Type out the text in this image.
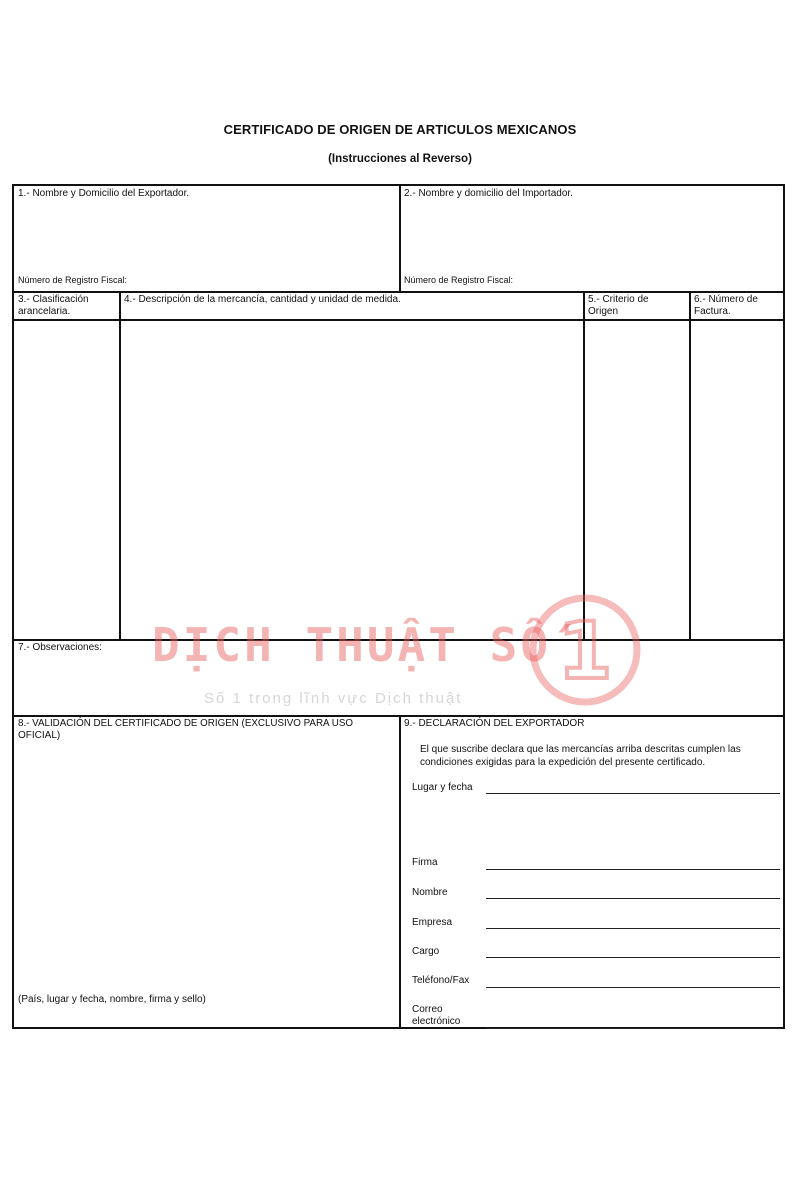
CERTIFICADO DE ORIGEN DE ARTICULOS MEXICANOS
(Instrucciones al Reverso)
1.- Nombre y Domicilio del Exportador.
Número de Registro Fiscal:
2.- Nombre y domicilio del Importador.
Número de Registro Fiscal:
3.- Clasificación
arancelaria.
4.- Descripción de la mercancía, cantidad y unidad de medida.	5.- Criterio de
Origen
6.- Número de
Factura.
7.- Observaciones:
8.- VALIDACIÓN DEL CERTIFICADO DE ORIGEN (EXCLUSIVO PARA USO
OFICIAL)
(País, lugar y fecha, nombre, firma y sello)
9.- DECLARACIÓN DEL EXPORTADOR
El que suscribe declara que las mercancías arriba descritas cumplen las
condiciones exigidas para la expedición del presente certificado.
Lugar y fecha
Firma
Nombre
Empresa
Cargo
Teléfono/Fax
Correo
electrónico
DỊCH THUẬT SỐ
Số 1 trong lĩnh vực Dịch thuật
1
